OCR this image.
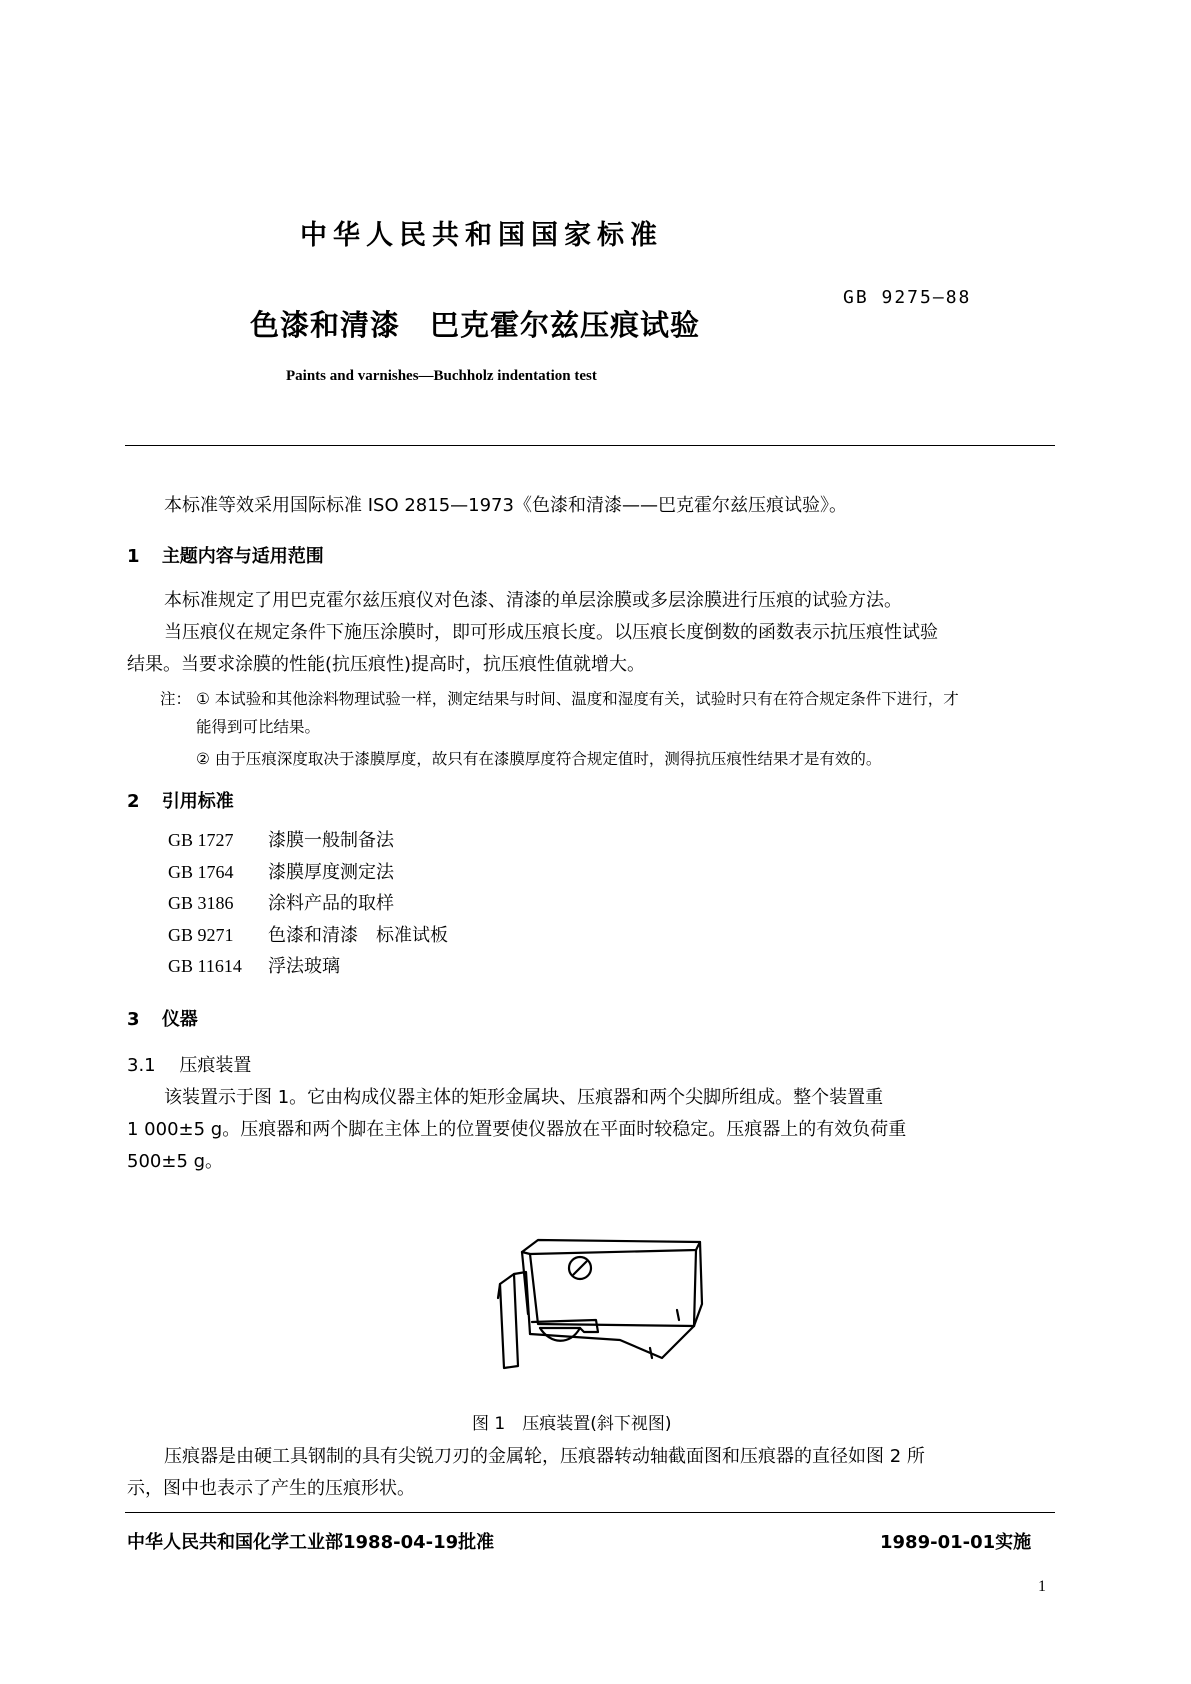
中华人民共和国国家标准
GB 9275—88
色漆和清漆　巴克霍尔兹压痕试验
Paints and varnishes—Buchholz indentation test
本标准等效采用国际标准 ISO 2815—1973《色漆和清漆——巴克霍尔兹压痕试验》。
1 主题内容与适用范围
本标准规定了用巴克霍尔兹压痕仪对色漆、清漆的单层涂膜或多层涂膜进行压痕的试验方法。
当压痕仪在规定条件下施压涂膜时，即可形成压痕长度。以压痕长度倒数的函数表示抗压痕性试验
结果。当要求涂膜的性能(抗压痕性)提高时，抗压痕性值就增大。
注： ① 本试验和其他涂料物理试验一样，测定结果与时间、温度和湿度有关，试验时只有在符合规定条件下进行，才
能得到可比结果。
② 由于压痕深度取决于漆膜厚度，故只有在漆膜厚度符合规定值时，测得抗压痕性结果才是有效的。
2 引用标准
GB 1727 漆膜一般制备法
GB 1764 漆膜厚度测定法
GB 3186 涂料产品的取样
GB 9271 色漆和清漆　标准试板
GB 11614 浮法玻璃
3 仪器
3.1 压痕装置
该装置示于图 1。它由构成仪器主体的矩形金属块、压痕器和两个尖脚所组成。整个装置重
1 000±5 g。压痕器和两个脚在主体上的位置要使仪器放在平面时较稳定。压痕器上的有效负荷重
500±5 g。
图 1　压痕装置(斜下视图)
压痕器是由硬工具钢制的具有尖锐刀刃的金属轮，压痕器转动轴截面图和压痕器的直径如图 2 所
示，图中也表示了产生的压痕形状。
中华人民共和国化学工业部1988-04-19批准	1989-01-01实施
1
